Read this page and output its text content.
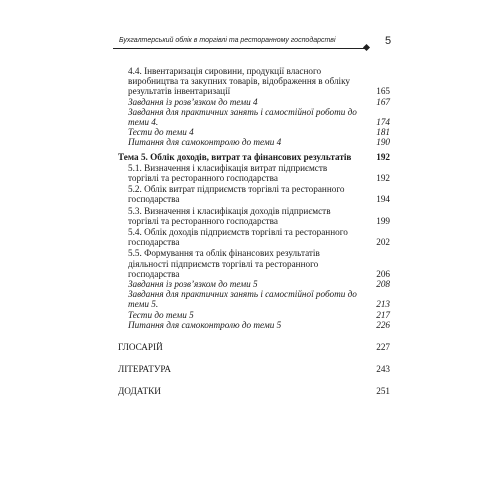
Бухгалтерський облік в торгівлі та ресторанному господарстві	5
4.4. Інвентаризація сировини, продукції власного виробництва та закупних товарів, відображення в обліку результатів інвентаризації	165
Завдання із розв’язком до теми 4	167
Завдання для практичних занять і самостійної роботи до теми 4.	174
Тести до теми 4	181
Питання для самоконтролю до теми 4	190
Тема 5. Облік доходів, витрат та фінансових результатів	192
5.1. Визначення і класифікація витрат підприємств торгівлі та ресторанного господарства	192
5.2. Облік витрат підприємств торгівлі та ресторанного господарства	194
5.3. Визначення і класифікація доходів підприємств торгівлі та ресторанного господарства	199
5.4. Облік доходів підприємств торгівлі та ресторанного господарства	202
5.5. Формування та облік фінансових результатів діяльності підприємств торгівлі та ресторанного господарства	206
Завдання із розв’язком до теми 5	208
Завдання для практичних занять і самостійної роботи до теми 5.	213
Тести до теми 5	217
Питання для самоконтролю до теми 5	226
ГЛОСАРІЙ	227
ЛІТЕРАТУРА	243
ДОДАТКИ	251
